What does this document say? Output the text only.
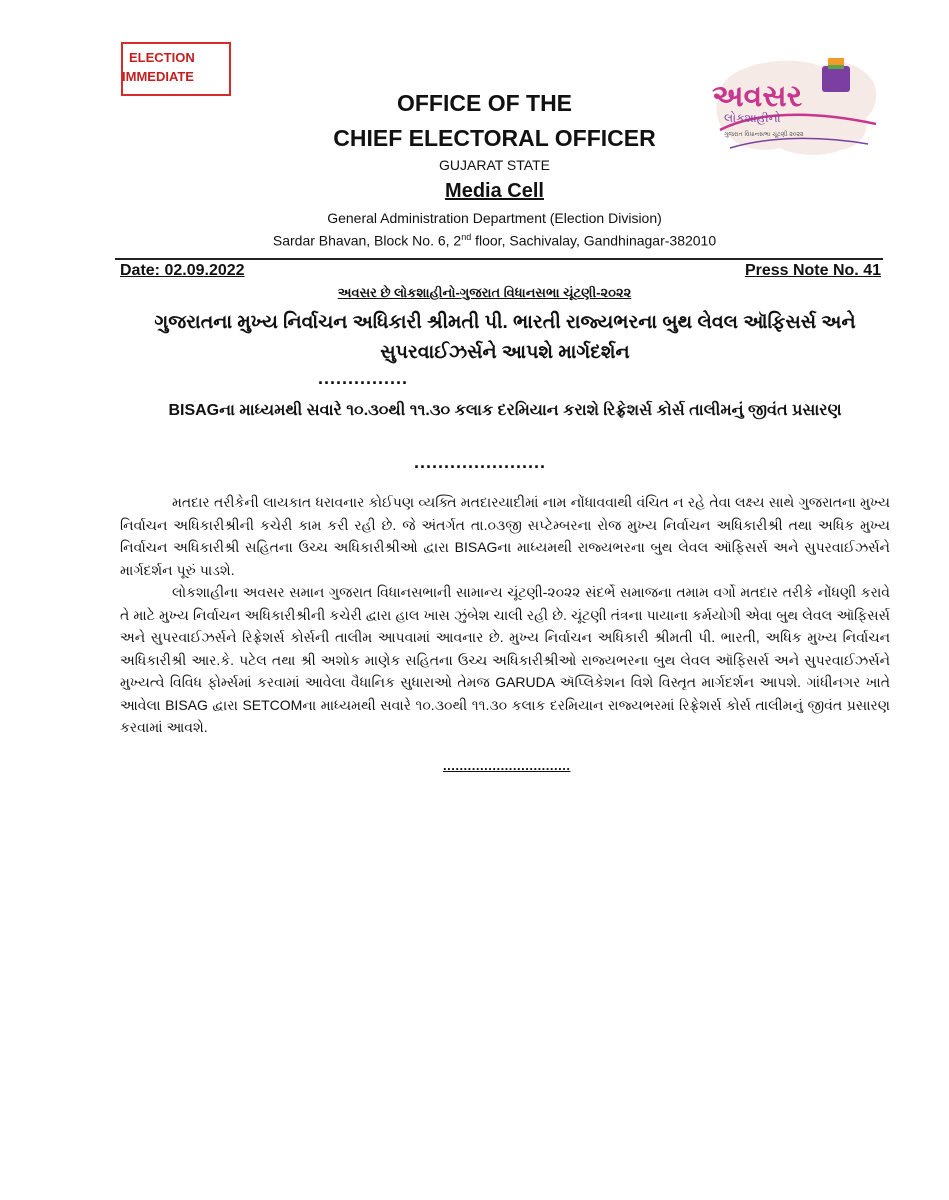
ELECTION
IMMEDIATE
અવસર
લોકશાહીનો
ગુજરાત વિધાનસભા ચૂંટણી ૨૦૨૨
OFFICE OF THE
CHIEF ELECTORAL OFFICER
GUJARAT STATE
Media Cell
General Administration Department (Election Division)
Sardar Bhavan, Block No. 6, 2nd floor, Sachivalay, Gandhinagar-382010
Date: 02.09.2022	Press Note No. 41
અવસર છે લોકશાહીનો-ગુજરાત વિધાનસભા ચૂંટણી-૨૦૨૨
ગુજરાતના મુખ્ય નિર્વાચન અધિકારી શ્રીમતી પી. ભારતી રાજ્યભરના બુથ લેવલ ઑફિસર્સ અને સુપરવાઈઝર્સને આપશે માર્ગદર્શન
...............
BISAGના માધ્યમથી સવારે ૧૦.૩૦થી ૧૧.૩૦ કલાક દરમિયાન કરાશે રિફ્રેશર્સ કોર્સ તાલીમનું જીવંત પ્રસારણ
......................

મતદાર તરીકેની લાયકાત ધરાવનાર કોઈપણ વ્યક્તિ મતદારયાદીમાં નામ નોંધાવવાથી વંચિત ન રહે તેવા લક્ષ્ય સાથે ગુજરાતના મુખ્ય નિર્વાચન અધિકારીશ્રીની કચેરી કામ કરી રહી છે. જે અંતર્ગત તા.૦૩જી સપ્ટેમ્બરના રોજ મુખ્ય નિર્વાચન અધિકારીશ્રી તથા અધિક મુખ્ય નિર્વાચન અધિકારીશ્રી સહિતના ઉચ્ચ અધિકારીશ્રીઓ દ્વારા BISAGના માધ્યમથી રાજ્યભરના બુથ લેવલ ઑફિસર્સ અને સુપરવાઈઝર્સને માર્ગદર્શન પૂરું પાડશે.

લોકશાહીના અવસર સમાન ગુજરાત વિધાનસભાની સામાન્ય ચૂંટણી-૨૦૨૨ સંદર્ભે સમાજના તમામ વર્ગો મતદાર તરીકે નોંધણી કરાવે તે માટે મુખ્ય નિર્વાચન અધિકારીશ્રીની કચેરી દ્વારા હાલ ખાસ ઝુંબેશ ચાલી રહી છે. ચૂંટણી તંત્રના પાયાના કર્મયોગી એવા બુથ લેવલ ઑફિસર્સ અને સુપરવાઈઝર્સને રિફ્રેશર્સ કોર્સની તાલીમ આપવામાં આવનાર છે. મુખ્ય નિર્વાચન અધિકારી શ્રીમતી પી. ભારતી, અધિક મુખ્ય નિર્વાચન અધિકારીશ્રી આર.કે. પટેલ તથા શ્રી અશોક માણેક સહિતના ઉચ્ચ અધિકારીશ્રીઓ રાજ્યભરના બુથ લેવલ ઑફિસર્સ અને સુપરવાઈઝર્સને મુખ્યત્વે વિવિધ ફોર્મ્સમાં કરવામાં આવેલા વૈધાનિક સુધારાઓ તેમજ GARUDA ઍપ્લિકેશન વિશે વિસ્તૃત માર્ગદર્શન આપશે. ગાંધીનગર ખાતે આવેલા BISAG દ્વારા SETCOMના માધ્યમથી સવારે ૧૦.૩૦થી ૧૧.૩૦ કલાક દરમિયાન રાજ્યભરમાં રિફ્રેશર્સ કોર્સ તાલીમનું જીવંત પ્રસારણ કરવામાં આવશે.

...............................
